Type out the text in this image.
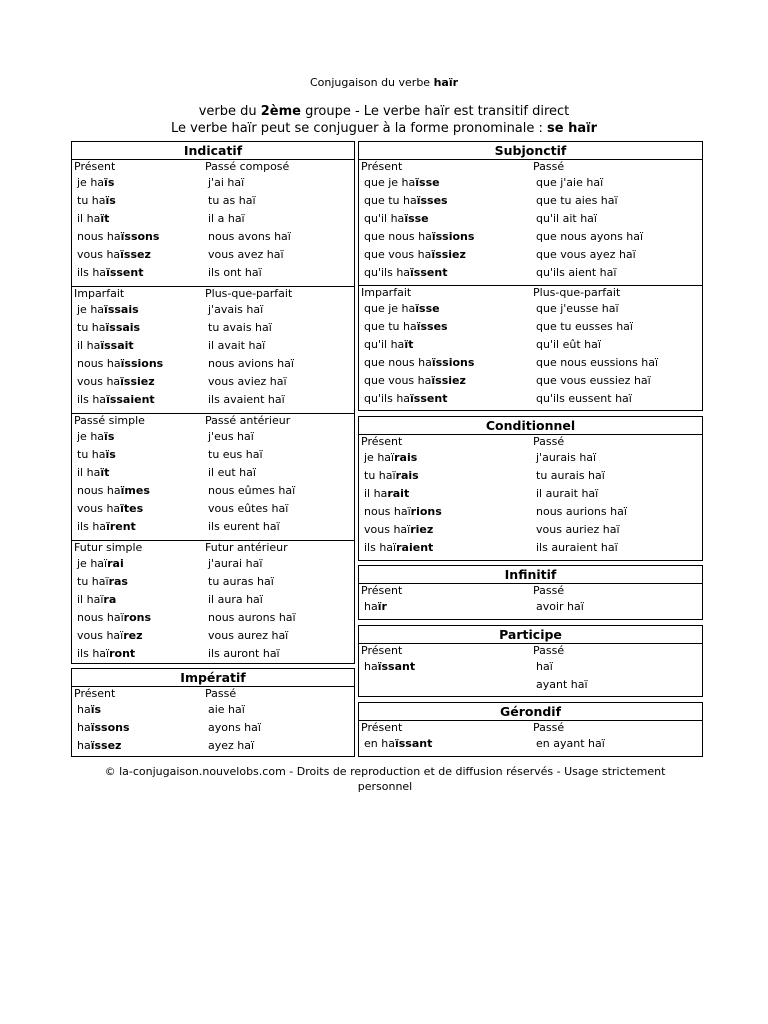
Conjugaison du verbe haïr
verbe du 2ème groupe - Le verbe haïr est transitif direct
Le verbe haïr peut se conjuguer à la forme pronominale : se haïr
Indicatif
Présent
je haïs
tu haïs
il haït
nous haïssons
vous haïssez
ils haïssent
Passé composé
j'ai haï
tu as haï
il a haï
nous avons haï
vous avez haï
ils ont haï
Imparfait
je haïssais
tu haïssais
il haïssait
nous haïssions
vous haïssiez
ils haïssaient
Plus-que-parfait
j'avais haï
tu avais haï
il avait haï
nous avions haï
vous aviez haï
ils avaient haï
Passé simple
je haïs
tu haïs
il haït
nous haïmes
vous haïtes
ils haïrent
Passé antérieur
j'eus haï
tu eus haï
il eut haï
nous eûmes haï
vous eûtes haï
ils eurent haï
Futur simple
je haïrai
tu haïras
il haïra
nous haïrons
vous haïrez
ils haïront
Futur antérieur
j'aurai haï
tu auras haï
il aura haï
nous aurons haï
vous aurez haï
ils auront haï
Impératif
Présent
haïs
haïssons
haïssez
Passé
aie haï
ayons haï
ayez haï
Subjonctif
Présent
que je haïsse
que tu haïsses
qu'il haïsse
que nous haïssions
que vous haïssiez
qu'ils haïssent
Passé
que j'aie haï
que tu aies haï
qu'il ait haï
que nous ayons haï
que vous ayez haï
qu'ils aient haï
Imparfait
que je haïsse
que tu haïsses
qu'il haït
que nous haïssions
que vous haïssiez
qu'ils haïssent
Plus-que-parfait
que j'eusse haï
que tu eusses haï
qu'il eût haï
que nous eussions haï
que vous eussiez haï
qu'ils eussent haï
Conditionnel
Présent
je haïrais
tu haïrais
il harait
nous haïrions
vous haïriez
ils haïraient
Passé
j'aurais haï
tu aurais haï
il aurait haï
nous aurions haï
vous auriez haï
ils auraient haï
Infinitif
Présent
haïr
Passé
avoir haï
Participe
Présent
haïssant
Passé
haï
ayant haï
Gérondif
Présent
en haïssant
Passé
en ayant haï
© la-conjugaison.nouvelobs.com - Droits de reproduction et de diffusion réservés - Usage strictement personnel
